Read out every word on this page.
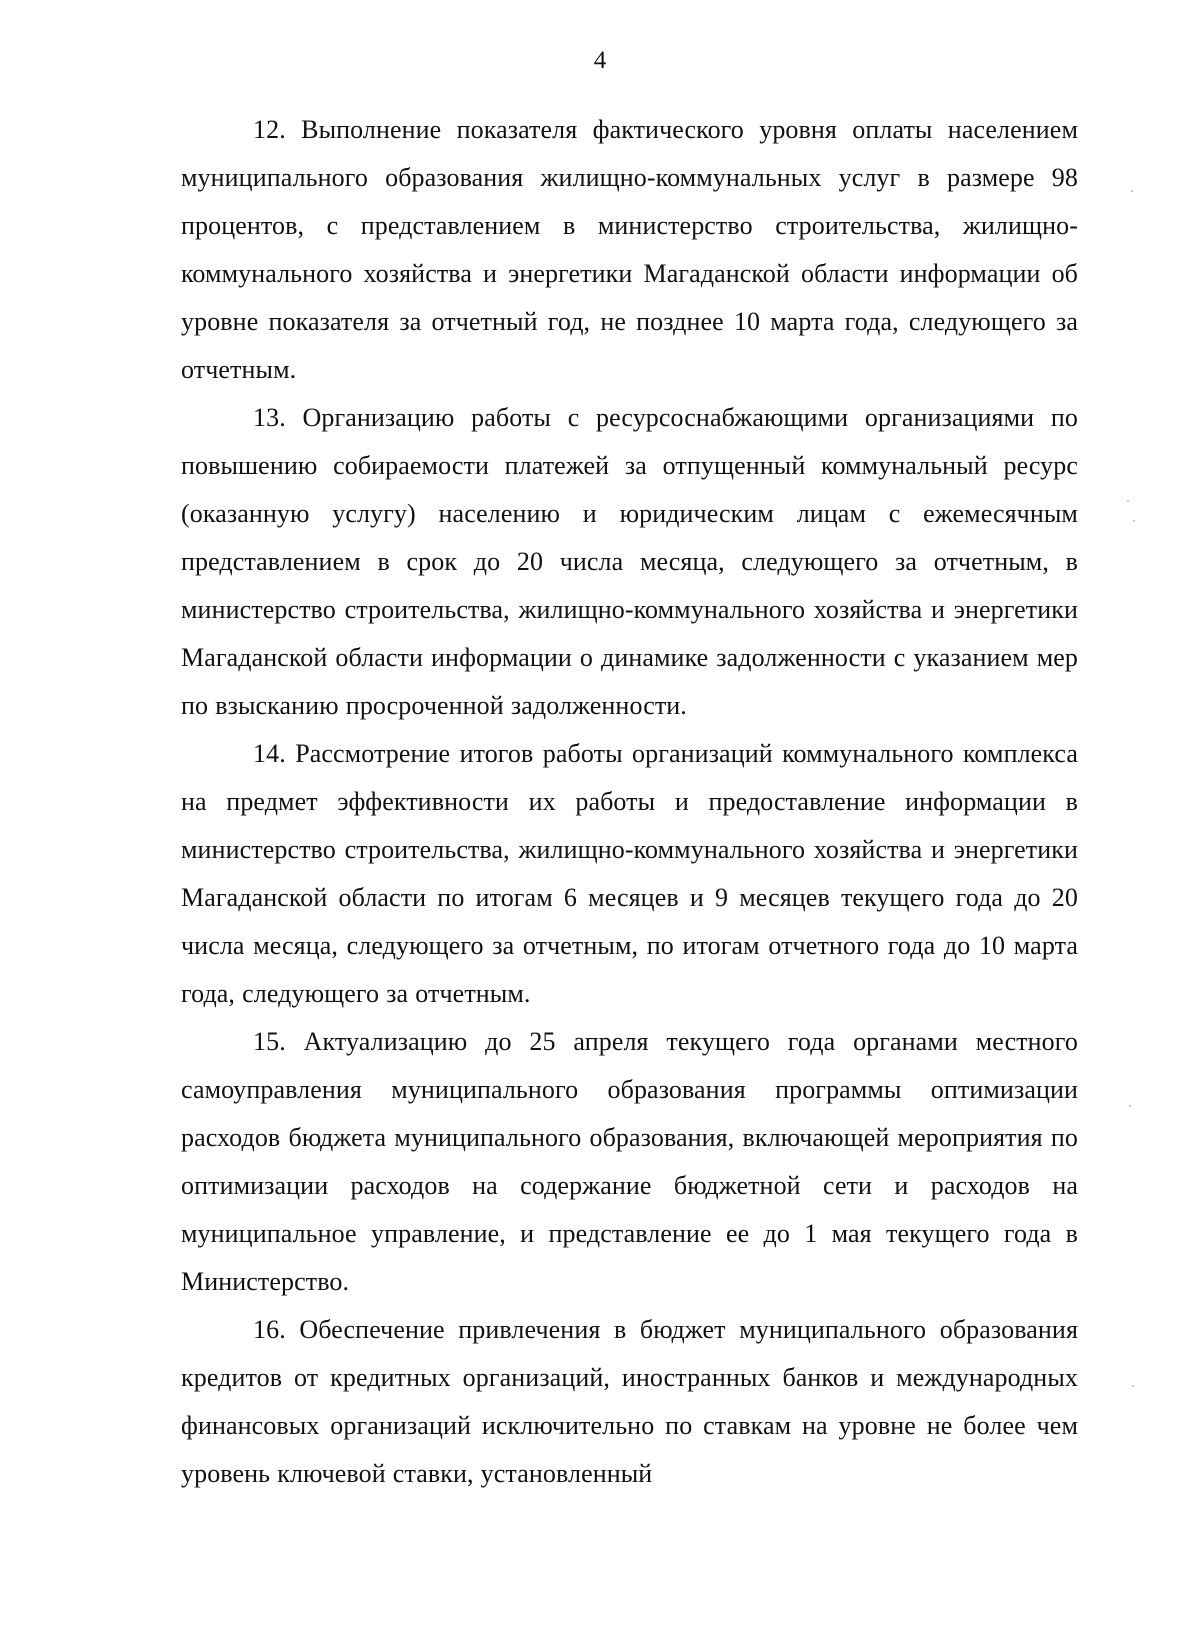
4

12. Выполнение показателя фактического уровня оплаты населением муниципального образования жилищно-коммунальных услуг в размере 98 процентов, с представлением в министерство строительства, жилищно-коммунального хозяйства и энергетики Магаданской области информации об уровне показателя за отчетный год, не позднее 10 марта года, следующего за отчетным.

13. Организацию работы с ресурсоснабжающими организациями по повышению собираемости платежей за отпущенный коммунальный ресурс (оказанную услугу) населению и юридическим лицам с ежемесячным представлением в срок до 20 числа месяца, следующего за отчетным, в министерство строительства, жилищно-коммунального хозяйства и энергетики Магаданской области информации о динамике задолженности с указанием мер по взысканию просроченной задолженности.

14. Рассмотрение итогов работы организаций коммунального комплекса на предмет эффективности их работы и предоставление информации в министерство строительства, жилищно-коммунального хозяйства и энергетики Магаданской области по итогам 6 месяцев и 9 месяцев текущего года до 20 числа месяца, следующего за отчетным, по итогам отчетного года до 10 марта года, следующего за отчетным.

15. Актуализацию до 25 апреля текущего года органами местного самоуправления муниципального образования программы оптимизации расходов бюджета муниципального образования, включающей мероприятия по оптимизации расходов на содержание бюджетной сети и расходов на муниципальное управление, и представление ее до 1 мая текущего года в Министерство.

16. Обеспечение привлечения в бюджет муниципального образования кредитов от кредитных организаций, иностранных банков и международных финансовых организаций исключительно по ставкам на уровне не более чем уровень ключевой ставки, установленный
